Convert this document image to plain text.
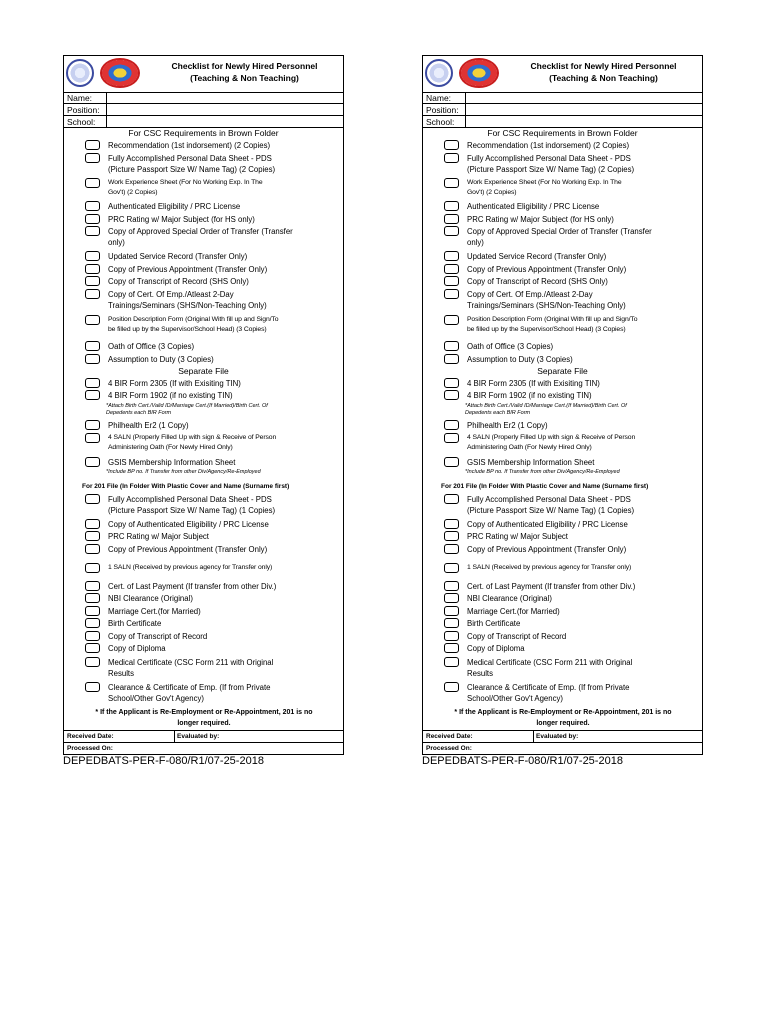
Checklist for Newly Hired Personnel
(Teaching & Non Teaching)
Name:
Position:
School:
For CSC Requirements in Brown Folder
Recommendation (1st indorsement) (2 Copies)
Fully Accomplished Personal Data Sheet - PDS
(Picture Passport Size W/ Name Tag) (2 Copies)
Work Experience Sheet (For No Working Exp. In The
Gov't) (2 Copies)
Authenticated Eligibility / PRC License
PRC Rating w/ Major Subject (for HS only)
Copy of Approved Special Order of Transfer (Transfer
only)
Updated Service Record (Transfer Only)
Copy of Previous Appointment (Transfer Only)
Copy of Transcript of Record (SHS Only)
Copy of Cert. Of Emp./Atleast 2-Day
Trainings/Seminars (SHS/Non-Teaching Only)
Position Description Form (Original With fill up and Sign/To
be filled up by the Supervisor/School Head) (3 Copies)
Oath of Office (3 Copies)
Assumption to Duty (3 Copies)
Separate File
4 BIR Form 2305 (If with Exisiting TIN)
4 BIR Form 1902 (if no existing TIN)
Philhealth Er2 (1 Copy)
4 SALN (Properly Filled Up with sign & Receive of Person
Administering Oath (For Newly Hired Only)
GSIS Membership Information Sheet
*Attach Birth Cert./Valid ID/Marriage Cert.(If Married)/Birth Cert. Of
Depedents each BIR Form
*Include BP no. If Transfer from other Div/Agency/Re-Employed
For 201 File (In Folder With Plastic Cover and Name (Surname first)
Fully Accomplished Personal Data Sheet - PDS
(Picture Passport Size W/ Name Tag) (1 Copies)
Copy of Authenticated Eligibility / PRC License
PRC Rating w/ Major Subject
Copy of Previous Appointment (Transfer Only)
1 SALN (Received by previous agency for Transfer only)
Cert. of Last Payment (If transfer from other Div.)
NBI Clearance (Original)
Marriage Cert.(for Married)
Birth Certificate
Copy of Transcript of Record
Copy of Diploma
Medical Certificate (CSC Form 211 with Original
Results
Clearance & Certificate of Emp. (If from Private
School/Other Gov't Agency)
* If the Applicant is Re-Employment or Re-Appointment, 201 is no
longer required.
Received Date:	Evaluated by:
Processed On:
DEPEDBATS-PER-F-080/R1/07-25-2018
Checklist for Newly Hired Personnel
(Teaching & Non Teaching)
Name:
Position:
School:
For CSC Requirements in Brown Folder
Recommendation (1st indorsement) (2 Copies)
Fully Accomplished Personal Data Sheet - PDS
(Picture Passport Size W/ Name Tag) (2 Copies)
Work Experience Sheet (For No Working Exp. In The
Gov't) (2 Copies)
Authenticated Eligibility / PRC License
PRC Rating w/ Major Subject (for HS only)
Copy of Approved Special Order of Transfer (Transfer
only)
Updated Service Record (Transfer Only)
Copy of Previous Appointment (Transfer Only)
Copy of Transcript of Record (SHS Only)
Copy of Cert. Of Emp./Atleast 2-Day
Trainings/Seminars (SHS/Non-Teaching Only)
Position Description Form (Original With fill up and Sign/To
be filled up by the Supervisor/School Head) (3 Copies)
Oath of Office (3 Copies)
Assumption to Duty (3 Copies)
Separate File
4 BIR Form 2305 (If with Exisiting TIN)
4 BIR Form 1902 (if no existing TIN)
Philhealth Er2 (1 Copy)
4 SALN (Properly Filled Up with sign & Receive of Person
Administering Oath (For Newly Hired Only)
GSIS Membership Information Sheet
*Attach Birth Cert./Valid ID/Marriage Cert.(If Married)/Birth Cert. Of
Depedents each BIR Form
*Include BP no. If Transfer from other Div/Agency/Re-Employed
For 201 File (In Folder With Plastic Cover and Name (Surname first)
Fully Accomplished Personal Data Sheet - PDS
(Picture Passport Size W/ Name Tag) (1 Copies)
Copy of Authenticated Eligibility / PRC License
PRC Rating w/ Major Subject
Copy of Previous Appointment (Transfer Only)
1 SALN (Received by previous agency for Transfer only)
Cert. of Last Payment (If transfer from other Div.)
NBI Clearance (Original)
Marriage Cert.(for Married)
Birth Certificate
Copy of Transcript of Record
Copy of Diploma
Medical Certificate (CSC Form 211 with Original
Results
Clearance & Certificate of Emp. (If from Private
School/Other Gov't Agency)
* If the Applicant is Re-Employment or Re-Appointment, 201 is no
longer required.
Received Date:	Evaluated by:
Processed On:
DEPEDBATS-PER-F-080/R1/07-25-2018
